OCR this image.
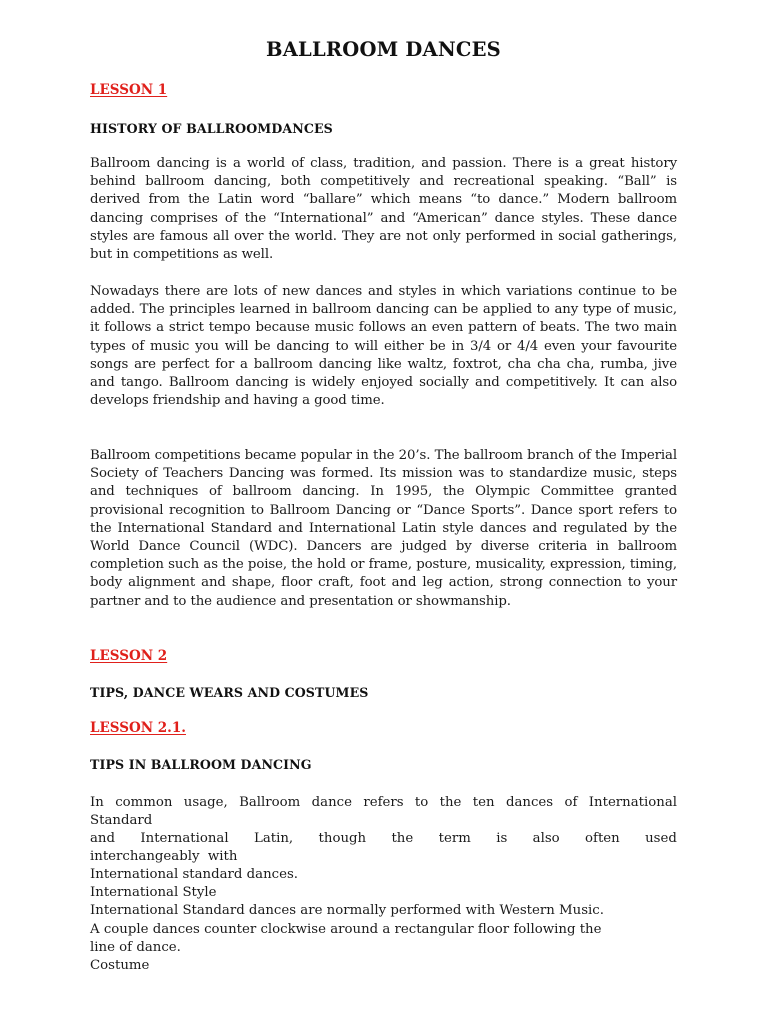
BALLROOM DANCES
LESSON 1
HISTORY OF BALLROOMDANCES
Ballroom dancing is a world of class, tradition, and passion. There is a great history behind ballroom dancing, both competitively and recreational speaking. “Ball” is derived from the Latin word “ballare” which means “to dance.” Modern ballroom dancing comprises of the “International” and “American” dance styles. These dance styles are famous all over the world. They are not only performed in social gatherings, but in competitions as well.
Nowadays there are lots of new dances and styles in which variations continue to be added. The principles learned in ballroom dancing can be applied to any type of music, it follows a strict tempo because music follows an even pattern of beats. The two main types of music you will be dancing to will either be in 3/4 or 4/4 even your favourite songs are perfect for a ballroom dancing like waltz, foxtrot, cha cha cha, rumba, jive and tango. Ballroom dancing is widely enjoyed socially and competitively. It can also develops friendship and having a good time.
Ballroom competitions became popular in the 20’s. The ballroom branch of the Imperial Society of Teachers Dancing was formed. Its mission was to standardize music, steps and techniques of ballroom dancing. In 1995, the Olympic Committee granted provisional recognition to Ballroom Dancing or “Dance Sports”. Dance sport refers to the International Standard and International Latin style dances and regulated by the World Dance Council (WDC). Dancers are judged by diverse criteria in ballroom completion such as the poise, the hold or frame, posture, musicality, expression, timing, body alignment and shape, floor craft, foot and leg action, strong connection to your partner and to the audience and presentation or showmanship.
LESSON 2
TIPS, DANCE WEARS AND COSTUMES
LESSON 2.1.
TIPS IN BALLROOM DANCING
In common usage, Ballroom dance refers to the ten dances of International
Standard
and International Latin, though the term is also often used
interchangeably  with
International standard dances.
International Style
International Standard dances are normally performed with Western Music.
A couple dances counter clockwise around a rectangular floor following the
line of dance.
Costume
